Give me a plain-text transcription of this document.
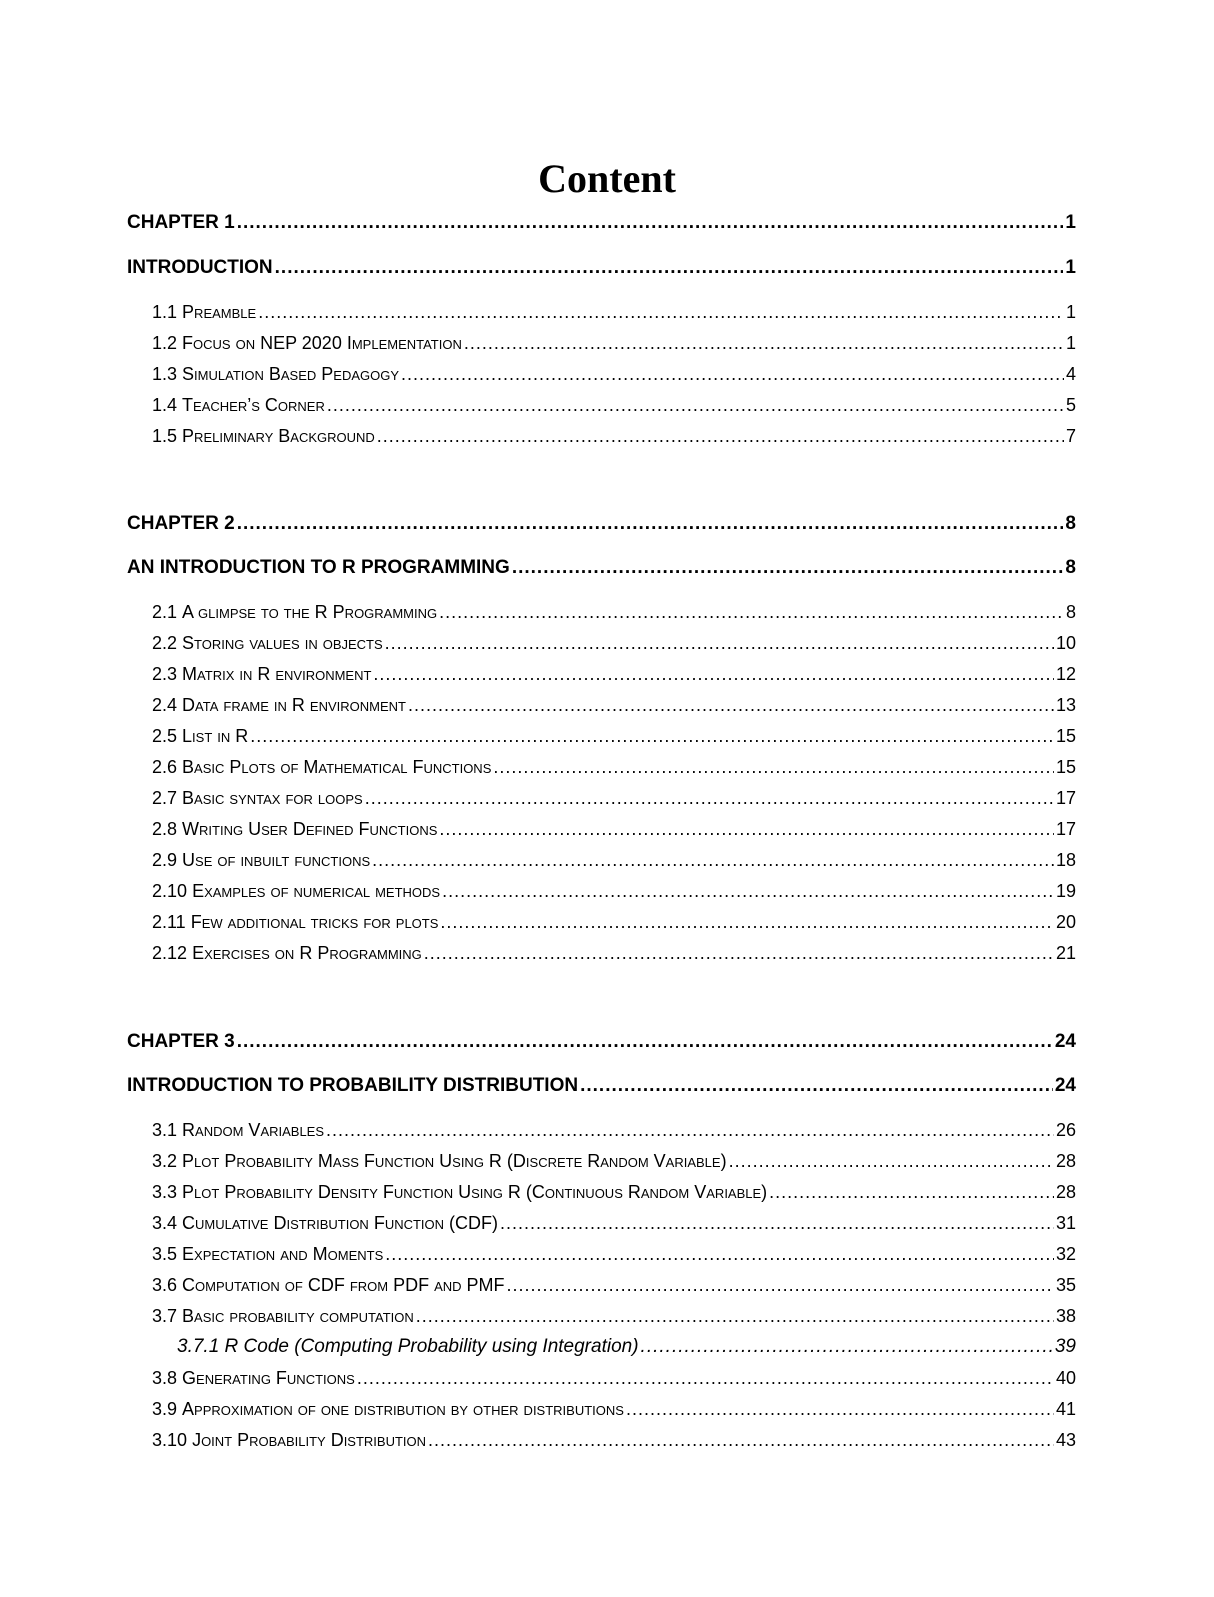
Content
CHAPTER 1 .....	1
INTRODUCTION .....	1
1.1 Preamble .....	1
1.2 Focus on NEP 2020 Implementation .....	1
1.3 Simulation Based Pedagogy .....	4
1.4 Teacher’s Corner .....	5
1.5 Preliminary Background .....	7
CHAPTER 2 .....	8
AN INTRODUCTION TO R PROGRAMMING .....	8
2.1 A glimpse to the R Programming .....	8
2.2 Storing values in objects .....	10
2.3 Matrix in R environment .....	12
2.4 Data frame in R environment .....	13
2.5 List in R .....	15
2.6 Basic Plots of Mathematical Functions .....	15
2.7 Basic syntax for loops .....	17
2.8 Writing User Defined Functions .....	17
2.9 Use of inbuilt functions .....	18
2.10 Examples of numerical methods .....	19
2.11 Few additional tricks for plots .....	20
2.12 Exercises on R Programming .....	21
CHAPTER 3 .....	24
INTRODUCTION TO PROBABILITY DISTRIBUTION .....	24
3.1 Random Variables .....	26
3.2 Plot Probability Mass Function Using R (Discrete Random Variable) .....	28
3.3 Plot Probability Density Function Using R (Continuous Random Variable) .....	28
3.4 Cumulative Distribution Function (CDF) .....	31
3.5 Expectation and Moments .....	32
3.6 Computation of CDF from PDF and PMF .....	35
3.7 Basic probability computation .....	38
3.7.1 R Code (Computing Probability using Integration) .....	39
3.8 Generating Functions .....	40
3.9 Approximation of one distribution by other distributions .....	41
3.10 Joint Probability Distribution .....	43
